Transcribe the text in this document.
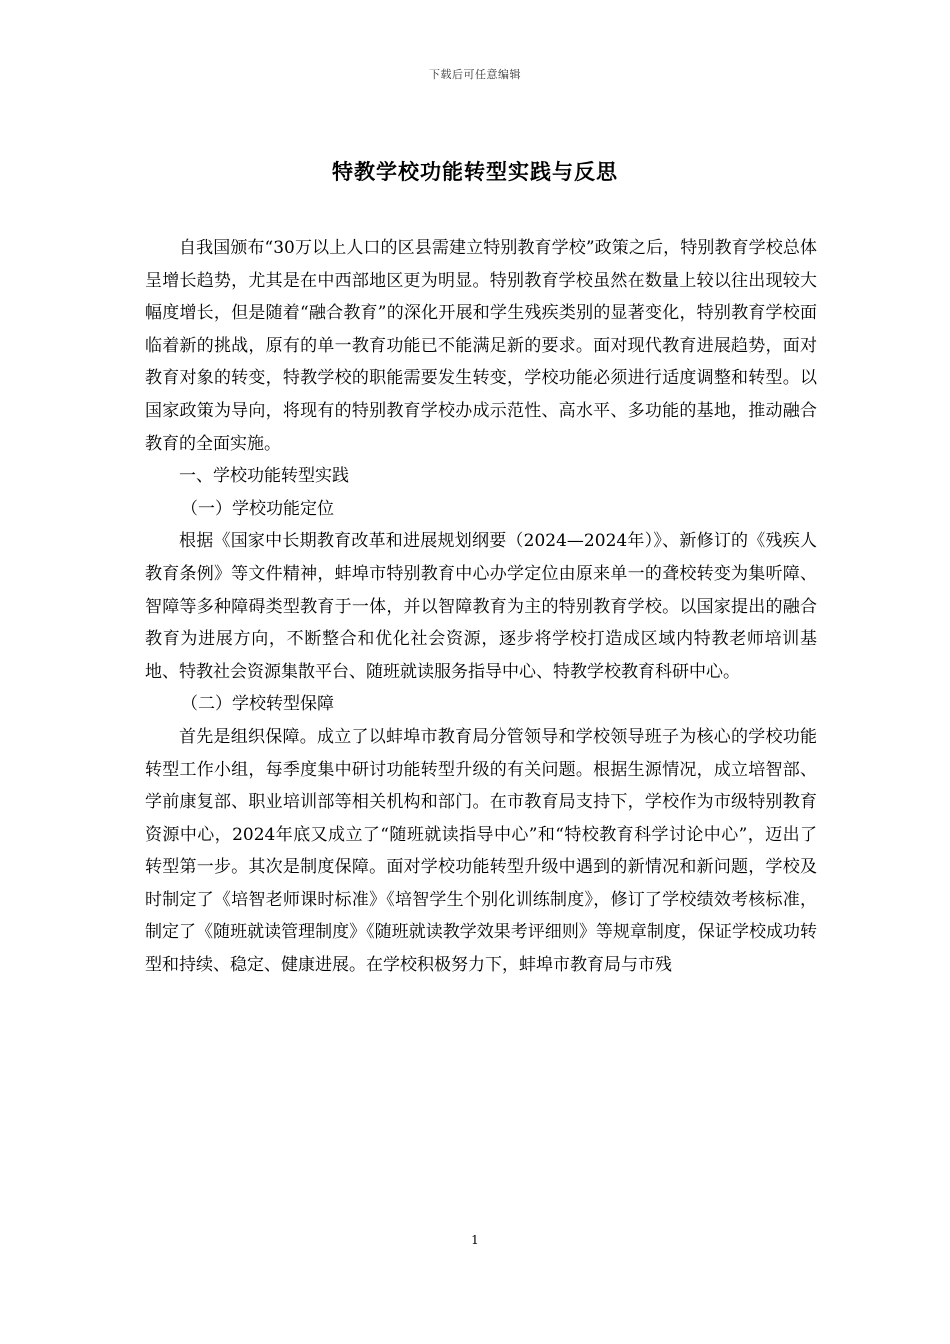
下载后可任意编辑
特教学校功能转型实践与反思

自我国颁布“30万以上人口的区县需建立特别教育学校”政策之后，特别教育学校总体呈增长趋势，尤其是在中西部地区更为明显。特别教育学校虽然在数量上较以往出现较大幅度增长，但是随着“融合教育”的深化开展和学生残疾类别的显著变化，特别教育学校面临着新的挑战，原有的单一教育功能已不能满足新的要求。面对现代教育进展趋势，面对教育对象的转变，特教学校的职能需要发生转变，学校功能必须进行适度调整和转型。以国家政策为导向，将现有的特别教育学校办成示范性、高水平、多功能的基地，推动融合教育的全面实施。

一、学校功能转型实践

（一）学校功能定位

根据《国家中长期教育改革和进展规划纲要（2024—2024年）》、新修订的《残疾人教育条例》等文件精神，蚌埠市特别教育中心办学定位由原来单一的聋校转变为集听障、智障等多种障碍类型教育于一体，并以智障教育为主的特别教育学校。以国家提出的融合教育为进展方向，不断整合和优化社会资源，逐步将学校打造成区域内特教老师培训基地、特教社会资源集散平台、随班就读服务指导中心、特教学校教育科研中心。

（二）学校转型保障

首先是组织保障。成立了以蚌埠市教育局分管领导和学校领导班子为核心的学校功能转型工作小组，每季度集中研讨功能转型升级的有关问题。根据生源情况，成立培智部、学前康复部、职业培训部等相关机构和部门。在市教育局支持下，学校作为市级特别教育资源中心，2024年底又成立了“随班就读指导中心”和“特校教育科学讨论中心”，迈出了转型第一步。其次是制度保障。面对学校功能转型升级中遇到的新情况和新问题，学校及时制定了《培智老师课时标准》《培智学生个别化训练制度》，修订了学校绩效考核标准，制定了《随班就读管理制度》《随班就读教学效果考评细则》等规章制度，保证学校成功转型和持续、稳定、健康进展。在学校积极努力下，蚌埠市教育局与市残

1
